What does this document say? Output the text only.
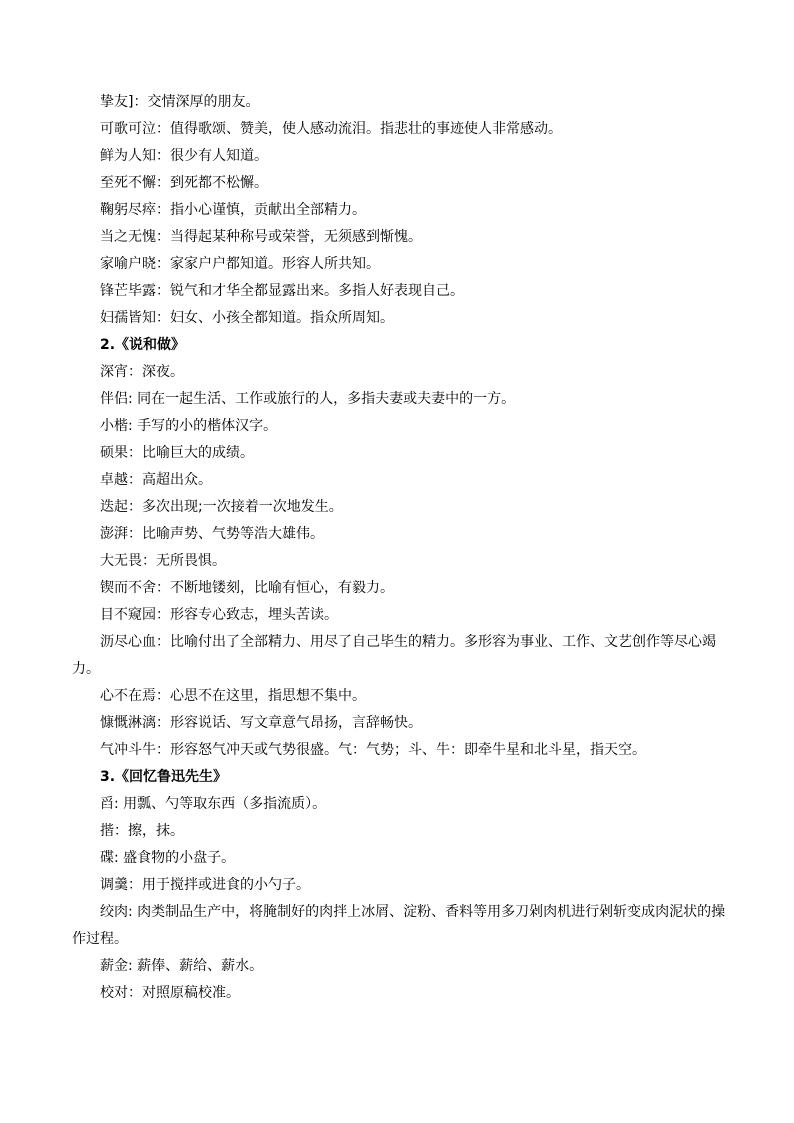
挚友]：交情深厚的朋友。
可歌可泣：值得歌颂、赞美，使人感动流泪。指悲壮的事迹使人非常感动。
鲜为人知：很少有人知道。
至死不懈：到死都不松懈。
鞠躬尽瘁：指小心谨慎，贡献出全部精力。
当之无愧：当得起某种称号或荣誉，无须感到惭愧。
家喻户晓：家家户户都知道。形容人所共知。
锋芒毕露：锐气和才华全都显露出来。多指人好表现自己。
妇孺皆知：妇女、小孩全都知道。指众所周知。
2.《说和做》
深宵：深夜。
伴侣: 同在一起生活、工作或旅行的人，多指夫妻或夫妻中的一方。
小楷: 手写的小的楷体汉字。
硕果：比喻巨大的成绩。
卓越：高超出众。
迭起：多次出现;一次接着一次地发生。
澎湃：比喻声势、气势等浩大雄伟。
大无畏：无所畏惧。
锲而不舍：不断地镂刻，比喻有恒心，有毅力。
目不窥园：形容专心致志，埋头苦读。
沥尽心血：比喻付出了全部精力、用尽了自己毕生的精力。多形容为事业、工作、文艺创作等尽心竭力。
心不在焉：心思不在这里，指思想不集中。
慷慨淋漓：形容说话、写文章意气昂扬，言辞畅快。
气冲斗牛：形容怒气冲天或气势很盛。气：气势；斗、牛：即牵牛星和北斗星，指天空。
3.《回忆鲁迅先生》
舀: 用瓢、勺等取东西（多指流质）。
揩：擦，抹。
碟: 盛食物的小盘子。
调羹：用于搅拌或进食的小勺子。
绞肉: 肉类制品生产中，将腌制好的肉拌上冰屑、淀粉、香料等用多刀剁肉机进行剁斩变成肉泥状的操作过程。
薪金: 薪俸、薪给、薪水。
校对：对照原稿校准。
